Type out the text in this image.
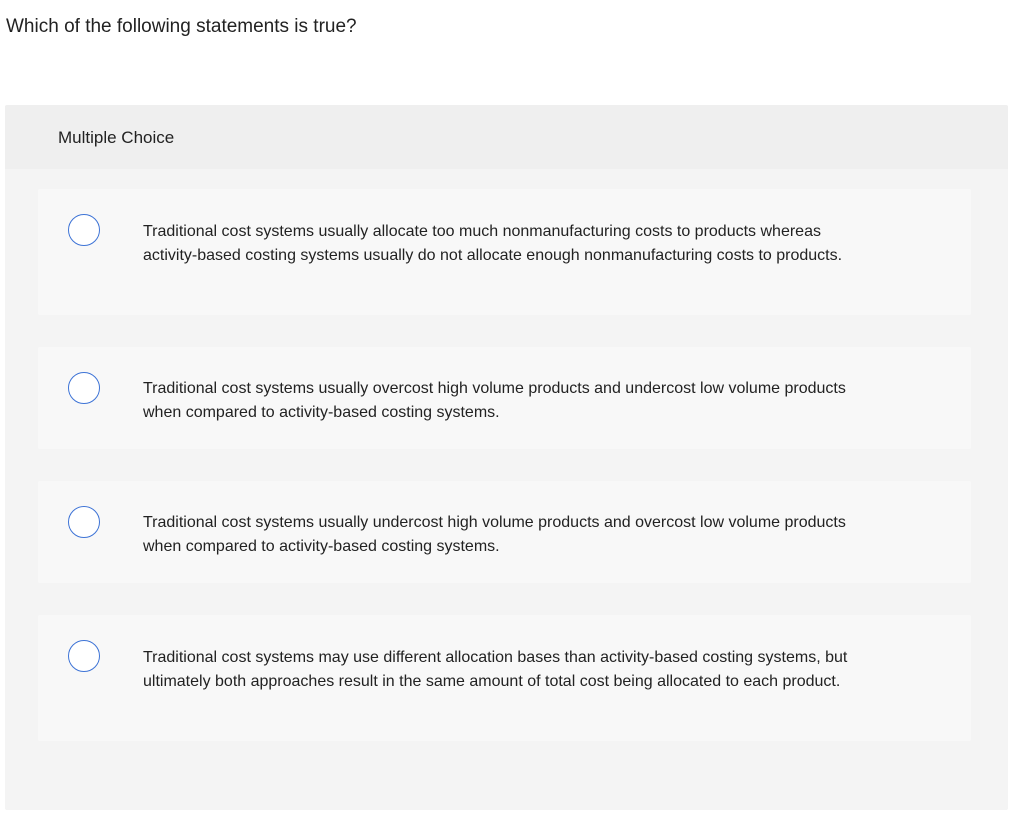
Which of the following statements is true?
Multiple Choice
Traditional cost systems usually allocate too much nonmanufacturing costs to products whereas activity-based costing systems usually do not allocate enough nonmanufacturing costs to products.
Traditional cost systems usually overcost high volume products and undercost low volume products when compared to activity-based costing systems.
Traditional cost systems usually undercost high volume products and overcost low volume products when compared to activity-based costing systems.
Traditional cost systems may use different allocation bases than activity-based costing systems, but ultimately both approaches result in the same amount of total cost being allocated to each product.
